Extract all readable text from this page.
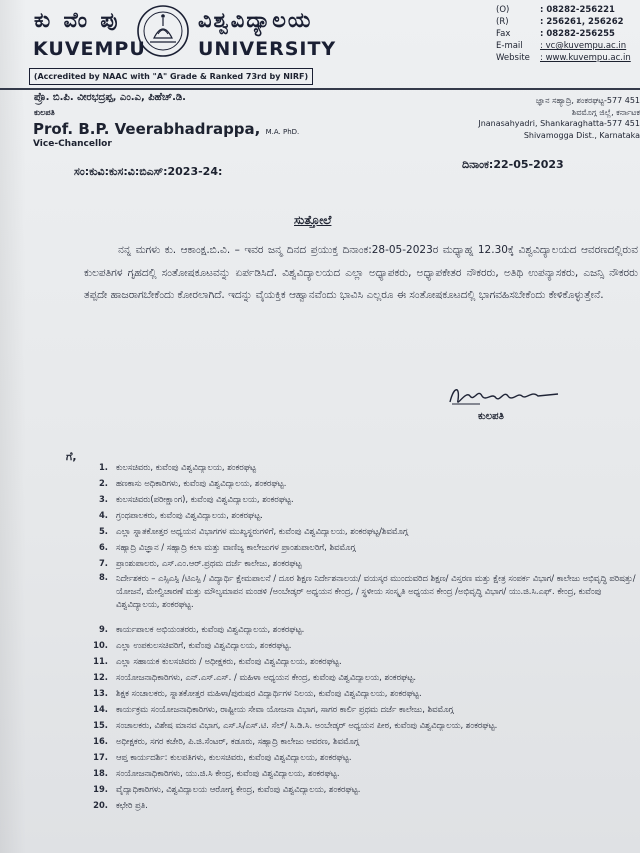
ಕು ವೆಂ ಪು	ವಿಶ್ವವಿದ್ಯಾಲಯ
KUVEMPU	UNIVERSITY
(Accredited by NAAC with "A" Grade & Ranked 73rd by NIRF)
(O)	: 08282-256221
(R)	: 256261, 256262
Fax	: 08282-256255
E-mail	: vc@kuvempu.ac.in
Website	: www.kuvempu.ac.in
ಪ್ರೊ. ಬಿ.ಪಿ. ವೀರಭದ್ರಪ್ಪ, ಎಂ.ಎ, ಪಿಹೆಚ್.ಡಿ.
ಕುಲಪತಿ
Prof. B.P. Veerabhadrappa, M.A. PhD.
Vice-Chancellor
ಜ್ಞಾನ ಸಹ್ಯಾದ್ರಿ, ಶಂಕರಘಟ್ಟ-577 451
ಶಿವಮೊಗ್ಗ ಜಿಲ್ಲೆ, ಕರ್ನಾಟಕ
Jnanasahyadri, Shankaraghatta-577 451
Shivamogga Dist., Karnataka
ಸಂ:ಕುವಿ:ಕುಸ:ವಿ:ಬಿಎಸ್:2023-24:
ದಿನಾಂಕ:22-05-2023
ಸುತ್ತೋಲೆ
ನನ್ನ ಮಗಳು ಕು. ಆಕಾಂಕ್ಷ.ಬಿ.ವಿ. – ಇವರ ಜನ್ಮ ದಿನದ ಪ್ರಯುಕ್ತ ದಿನಾಂಕ:28-05-2023ರ ಮಧ್ಯಾಹ್ನ 12.30ಕ್ಕೆ ವಿಶ್ವವಿದ್ಯಾಲಯದ ಆವರಣದಲ್ಲಿರುವ ಕುಲಪತಿಗಳ ಗೃಹದಲ್ಲಿ ಸಂತೋಷಕೂಟವನ್ನು ಏರ್ಪಡಿಸಿದೆ. ವಿಶ್ವವಿದ್ಯಾಲಯದ ಎಲ್ಲಾ ಅಧ್ಯಾಪಕರು, ಅಧ್ಯಾಪಕೇತರ ನೌಕರರು, ಅತಿಥಿ ಉಪನ್ಯಾಸಕರು, ಎಜನ್ಸಿ ನೌಕರರು ತಪ್ಪದೇ ಹಾಜರಾಗಬೇಕೆಂದು ಕೋರಲಾಗಿದೆ. ಇದನ್ನು ವೈಯಕ್ತಿಕ ಆಹ್ವಾನವೆಂದು ಭಾವಿಸಿ ಎಲ್ಲರೂ ಈ ಸಂತೋಷಕೂಟದಲ್ಲಿ ಭಾಗವಹಿಸಬೇಕೆಂದು ಕೇಳಿಕೊಳ್ಳುತ್ತೇನೆ.
ಕುಲಪತಿ
ಗೆ,
1. ಕುಲಸಚಿವರು, ಕುವೆಂಪು ವಿಶ್ವವಿದ್ಯಾಲಯ, ಶಂಕರಘಟ್ಟ
2. ಹಣಕಾಸು ಅಧಿಕಾರಿಗಳು, ಕುವೆಂಪು ವಿಶ್ವವಿದ್ಯಾಲಯ, ಶಂಕರಘಟ್ಟ.
3. ಕುಲಸಚಿವರು(ಪರೀಕ್ಷಾಂಗ), ಕುವೆಂಪು ವಿಶ್ವವಿದ್ಯಾಲಯ, ಶಂಕರಘಟ್ಟ.
4. ಗ್ರಂಥಪಾಲಕರು, ಕುವೆಂಪು ವಿಶ್ವವಿದ್ಯಾಲಯ, ಶಂಕರಘಟ್ಟ.
5. ಎಲ್ಲಾ ಸ್ನಾತಕೋತ್ತರ ಅಧ್ಯಯನ ವಿಭಾಗಗಳ ಮುಖ್ಯಸ್ಥರುಗಳಿಗೆ, ಕುವೆಂಪು ವಿಶ್ವವಿದ್ಯಾಲಯ, ಶಂಕರಘಟ್ಟ/ಶಿವಮೊಗ್ಗ
6. ಸಹ್ಯಾದ್ರಿ ವಿಜ್ಞಾನ / ಸಹ್ಯಾದ್ರಿ ಕಲಾ ಮತ್ತು ವಾಣಿಜ್ಯ ಕಾಲೇಜುಗಳ ಪ್ರಾಂಶುಪಾಲರಿಗೆ, ಶಿವಮೊಗ್ಗ
7. ಪ್ರಾಂಶುಪಾಲರು, ಎಸ್.ಎಂ.ಆರ್.ಪ್ರಥಮ ದರ್ಜೆ ಕಾಲೇಜು, ಶಂಕರಘಟ್ಟ
8. ನಿರ್ದೇಶಕರು – ಎಸ್ಸಿಎಸ್ಪಿ /ಟಿಎಸ್ಪಿ / ವಿದ್ಯಾರ್ಥಿ ಕ್ಷೇಮಪಾಲನೆ / ದೂರ ಶಿಕ್ಷಣ ನಿರ್ದೇಶನಾಲಯ/ ವಯಸ್ಕರ ಮುಂದುವರಿದ ಶಿಕ್ಷಣ/ ವಿಸ್ತರಣ ಮತ್ತು ಕ್ಷೇತ್ರ ಸಂಪರ್ಕ ವಿಭಾಗ/ ಕಾಲೇಜು ಅಭಿವೃದ್ಧಿ ಪರಿಷತ್ತು/ ಯೋಜನೆ, ಮೇಲ್ವಿಚಾರಣೆ ಮತ್ತು ಮೌಲ್ಯಮಾಪನ ಮಂಡಳಿ /ಅಂಬೇಡ್ಕರ್ ಅಧ್ಯಯನ ಕೇಂದ್ರ, / ಸ್ಥಳೀಯ ಸಂಸ್ಕೃತಿ ಅಧ್ಯಯನ ಕೇಂದ್ರ /ಅಭಿವೃದ್ಧಿ ವಿಭಾಗ/ ಯು.ಜಿ.ಸಿ.ಎಫ್. ಕೇಂದ್ರ, ಕುವೆಂಪು ವಿಶ್ವವಿದ್ಯಾಲಯ, ಶಂಕರಘಟ್ಟ.
9. ಕಾರ್ಯಪಾಲಕ ಅಭಿಯಂತರರು, ಕುವೆಂಪು ವಿಶ್ವವಿದ್ಯಾಲಯ, ಶಂಕರಘಟ್ಟ.
10. ಎಲ್ಲಾ ಉಪಕುಲಸಚಿವರಿಗೆ, ಕುವೆಂಪು ವಿಶ್ವವಿದ್ಯಾಲಯ, ಶಂಕರಘಟ್ಟ.
11. ಎಲ್ಲಾ ಸಹಾಯಕ ಕುಲಸಚಿವರು / ಅಧೀಕ್ಷಕರು, ಕುವೆಂಪು ವಿಶ್ವವಿದ್ಯಾಲಯ, ಶಂಕರಘಟ್ಟ.
12. ಸಂಯೋಜನಾಧಿಕಾರಿಗಳು, ಎನ್.ಎಸ್.ಎಸ್. / ಮಹಿಳಾ ಅಧ್ಯಯನ ಕೇಂದ್ರ, ಕುವೆಂಪು ವಿಶ್ವವಿದ್ಯಾಲಯ, ಶಂಕರಘಟ್ಟ.
13. ಶಿಕ್ಷಕ ಸಂಚಾಲಕರು, ಸ್ನಾತಕೋತ್ತರ ಮಹಿಳಾ/ಪುರುಷರ ವಿದ್ಯಾರ್ಥಿಗಳ ನಿಲಯ, ಕುವೆಂಪು ವಿಶ್ವವಿದ್ಯಾಲಯ, ಶಂಕರಘಟ್ಟ.
14. ಕಾರ್ಯಕ್ರಮ ಸಂಯೋಜನಾಧಿಕಾರಿಗಳು, ರಾಷ್ಟ್ರೀಯ ಸೇವಾ ಯೋಜನಾ ವಿಭಾಗ, ಸಾಗರ ಕಾರ್ಲಿ ಪ್ರಥಮ ದರ್ಜೆ ಕಾಲೇಜು, ಶಿವಮೊಗ್ಗ
15. ಸಂಚಾಲಕರು, ವಿಶೇಷ ಮಾನವ ವಿಭಾಗ, ಎಸ್.ಸಿ/ಎಸ್.ಟಿ. ಸೆಲ್/ ಸಿ.ಡಿ.ಸಿ. ಅಂಬೇಡ್ಕರ್ ಅಧ್ಯಯನ ಪೀಠ, ಕುವೆಂಪು ವಿಶ್ವವಿದ್ಯಾಲಯ, ಶಂಕರಘಟ್ಟ.
16. ಅಧೀಕ್ಷಕರು, ಸಗರ ಕಚೇರಿ, ಪಿ.ಜಿ.ಸೆಂಟರ್, ಕಡೂರು, ಸಹ್ಯಾದ್ರಿ ಕಾಲೇಜು ಆವರಣ, ಶಿವಮೊಗ್ಗ
17. ಆಪ್ತ ಕಾರ್ಯದರ್ಶಿ: ಕುಲಪತಿಗಳು, ಕುಲಸಚಿವರು, ಕುವೆಂಪು ವಿಶ್ವವಿದ್ಯಾಲಯ, ಶಂಕರಘಟ್ಟ.
18. ಸಂಯೋಜನಾಧಿಕಾರಿಗಳು, ಯು.ಜಿ.ಸಿ ಕೇಂದ್ರ, ಕುವೆಂಪು ವಿಶ್ವವಿದ್ಯಾಲಯ, ಶಂಕರಘಟ್ಟ.
19. ವೈದ್ಯಾಧಿಕಾರಿಗಳು, ವಿಶ್ವವಿದ್ಯಾಲಯ ಆರೋಗ್ಯ ಕೇಂದ್ರ, ಕುವೆಂಪು ವಿಶ್ವವಿದ್ಯಾಲಯ, ಶಂಕರಘಟ್ಟ.
20. ಕಛೇರಿ ಪ್ರತಿ.
